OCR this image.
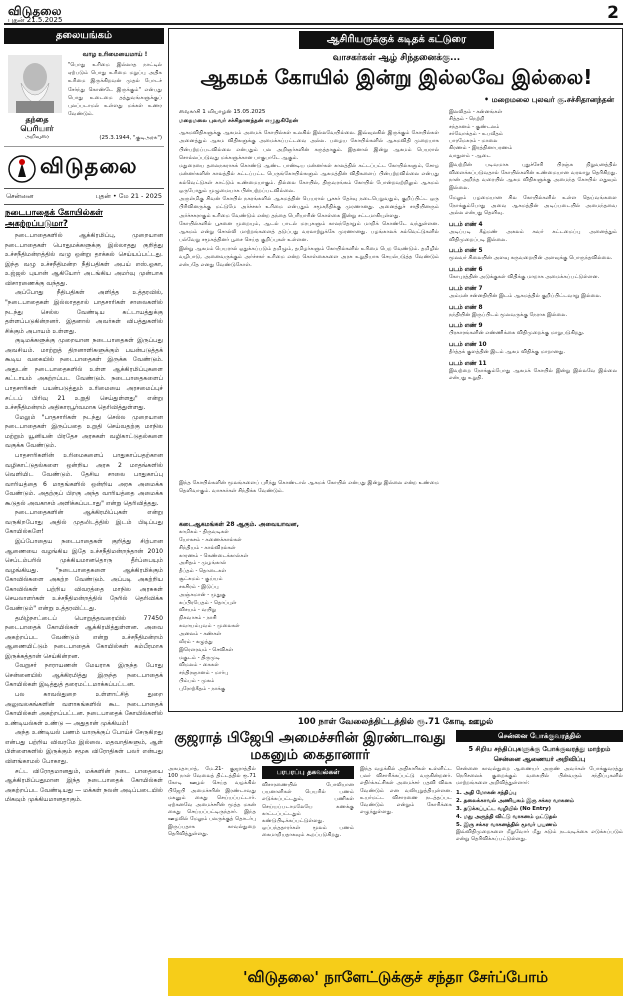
விடுதலை
புதன் 21.5.2025	2
தலையங்கம்
தந்தை
பெரியார்
அறிவுரை
வாழ உரிமையைமாய் !
"பொது உரிமை இல்லாத நாட்டில் ஏற்படும் பொது உரிமை மறுப்பு அதிக உரிமை இருக்கிறவன் முதல் போடச் சேர்ந்து கொண்டே இருக்கும்" என்பது பொது உடைமை தத்துவங்களுக்குப் புலப்படாமல் உள்ளது மக்கள் உணர வேண்டும்.
(25.3.1944, "குடிஅரசு")
விடுதலை
சென்னை	புதன் • மே 21 - 2025
நடைபாதைக் கோயில்கள் அகற்றப்படுமா?

நடைபாதைகளில் ஆக்கிரமிப்பு, முறையான நடைபாதைகள் பொதுமக்களுக்கு இல்லாதது குறித்து உச்சநீதிமன்றத்தில் வழு ஒன்று தாக்கல் செய்யப்பட்டது. இந்த வழு உச்சநீதிமன்ற நீதிபதிகள் அபய் எஸ்.ஓகா, உஜ்ஜல் புயான் ஆகியோர் அடங்கிய அமர்வு முன்பாக விசாரணைக்கு வந்தது.

அப்போது நீதிபதிகள் அளித்த உத்தரவில், "நடைபாதைகள் இல்லாததால் பாதசாரிகள் சாலைகளில் நடந்து செல்ல வேண்டிய கட்டாயத்துக்கு தள்ளப்படுகின்றனர். இதனால் அவர்கள் விபத்துகளில் சிக்கும் அபாயம் உள்ளது.

குடிமக்களுக்கு முறையான நடைபாதைகள் இருப்பது அவசியம். மாற்றுத் திறனாளிகளுக்கும் பயன்படுத்தக் கூடிய வகையில் நடைபாதைகள் இருக்க வேண்டும். அதுடன் நடைபாதைகளில் உள்ள ஆக்கிரமிப்புகளை கட்டாயம் அகற்றப்பட வேண்டும். நடைபாதைகளைப் பாதசாரிகள் பயன்படுத்தும் உரிமையை அரசமைப்புச் சட்டப் பிரிவு 21 உறுதி செய்துள்ளது" என்று உச்சநீதிமன்றம் அதிகாரபூர்வமாக தெரிவித்துள்ளது.

மேலும் "பாதசாரிகள் நடந்து செல்ல முறையான நடைபாதைகள் இருப்பதை உறுதி செய்வதற்கு மாநில மற்றும் யூனியன் பிரதேச அரசுகள் வழிகாட்டுதல்களை வகுக்க வேண்டும்.

பாதசாரிகளின் உரிமைகளைப் பாதுகாப்பதற்கான வழிகாட்டுதல்களை ஒன்றிய அரசு 2 மாதங்களில் வெளியிட வேண்டும். தேசிய சாலை பாதுகாப்பு வாரியத்தை 6 மாதங்களில் ஒன்றிய அரசு அமைக்க வேண்டும். அதற்குப் பிறகு அந்த வாரியத்தை அமைக்க கூடுதல் அவகாசம் அளிக்கப்படாது" என்று தெரிவித்தது.

நடைபாதைகளின் ஆக்கிரமிப்புகள் என்று வருகிறபோது அதில் முதலிடத்தில் இடம் பிடிப்பது கோயில்களே!

இப்போதைய நடைபாதைகள் குறித்து சிற்பான ஆணையை வழங்கிய இதே உச்சநீதிமன்றந்தான் 2010 செப்டம்பரில் முக்கியமானதொரு தீர்ப்பையும் வழங்கியது. "நடைபாதைகளை ஆக்கிரமிக்கும் கோவில்களை அகற்ற வேண்டும். அப்படி அகற்றிய கோவில்கள் பற்றிய விவரத்தை மாநில அரசுகள் செயலாளர்கள் உச்சநீதிமன்றத்தில் நேரில் தெரிவிக்க வேண்டும்" என்று உத்தரவிட்டது.

தமிழ்நாட்டைப் பொறுத்தவரையில் 77450 நடைபாதைக் கோயில்கள் ஆக்கிரமித்துள்ளன. அவை அகற்றப்பட வேண்டும் என்று உச்சநீதிமன்றம் ஆணையிட்டும் நடைபாதைக் கோயில்கள் கம்பீரமாக இருக்கத்தான் செய்கின்றன.

வேறுசர் நாராயணன் மேயராக இருந்த போது சென்னையில் ஆக்கிரமித்து இருந்த நடைபாதைக் கோயில்கள் இடித்துத் தரைமட்டமாக்கப்பட்டன.

பல காவல்துறை உள்ளாட்சித் துறை அலுவலகங்களின் வளாகங்களில் கூட நடைபாதைக் கோயில்கள் அகற்றப்பட்டன. நடைபாதைக் கோயில்களில் உண்டியல்கள் உண்டு — அதுதான் முக்கியம்!

அந்த உண்டியல் பணம் யாருக்குப் போய்ச் சேருகிறது என்பது பற்றிய விவரமே இல்லை. மதவாதிகளும், ஆள் பிள்ளைகளில் இருக்கும் சமூக விரோதிகள் பலர் என்பது விளங்காமல் போகாது.

சட்ட விரோதமானதும், மக்களின் நடை பாதையை ஆக்கிரமிப்பதுமான இந்த நடைபாதைக் கோயில்கள் அகற்றப்பட வேண்டியது — மக்கள் நலன் அடிப்படையில் மிகவும் முக்கியமானதாகும்.

ஆசிரியருக்குக் கடிதக் கட்டுரை
வாசகர்கள் ஆழ் சிந்தனைக்கு...
ஆகமக் கோயில் இன்று இல்லவே இல்லை!
• மறைமலை புலவர் கு.சச்சிதானந்தன்
வைகாசி 1 வியாழன் 15.05.2025
மறைமலை புலவர் சச்சிதானந்தன் எழுதுகிறேன்

ஆகமவிதிகளுக்கு ஆகமம் அமைக் கோயில்கள் உலகில் இல்லவேயில்லை. இவ்வுலகில் இருக்கும் கோயில்கள் அனைத்தும் ஆகம விதிகளுக்கு அமைக்கப்பட்டவை அல்ல. பழைய கோயில்களில் ஆகமவிதி முறையாக பின்பற்றப்படவில்லை என்பதும் பல அறிஞர்களின் கருத்தாகும். இதனால் இன்று ஆகமம் பெயரால் சொல்லப்படுவது மக்களுக்கான பாகுபாடே ஆகும்.

மதுரையை தலைநகராகக் கொண்டு ஆண்ட பாண்டிய மன்னர்கள் காலத்தில் கட்டப்பட்ட கோயில்களும், சோழ மன்னர்களின் காலத்தில் கட்டப்பட்ட பெருங்கோயில்களும் ஆகமத்தின் விதிகளைப் பின்பற்றவில்லை என்பது கல்வெட்டுகள் காட்டும் உண்மையாகும். தில்லை கோயில், திருவரங்கம் கோயில் போன்றவற்றிலும் ஆகமம் ஒருபோதும் முழுமையாக பின்பற்றப்படவில்லை.

அருள்மிகு சிவன் கோயில் நகரங்களில் ஆகமத்தின் பெயரால் பூசகர் தேர்வு நடைபெறுவதும், குறிப்பிட்ட ஒரு பிரிவினருக்கு மட்டுமே அர்ச்சகர் உரிமை என்பதும் சமூகநீதிக்கு முரணானது. அனைத்துச் சாதியினரும் அர்ச்சகராகும் உரிமை வேண்டும் என்ற தந்தை பெரியாரின் கொள்கை இன்று சட்டமாகியுள்ளது.

கோயில்களில் பூசனை முறையும், ஆடல் பாடல் மரபுகளும் காலந்தோறும் மாறிக் கொண்டே வந்துள்ளன. ஆகமம் என்று சொல்லி மாற்றங்களைத் தடுப்பது வரலாற்றுக்கே முரணானது. பழங்காலக் கல்வெட்டுகளில் பல்வேறு சமூகத்தினர் பூசை செய்த குறிப்புகள் உள்ளன.

இன்று ஆகமம் பெயரால் ஒதுக்கப்படும் தமிழும், தமிழர்களும் கோயில்களில் உரிமை பெற வேண்டும். தமிழில் வழிபாடு, அனைவருக்கும் அர்ச்சகர் உரிமை என்ற கொள்கைகளை அரசு உறுதியாக செயல்படுத்த வேண்டும் என்பதே எனது வேண்டுகோள்.

இந்த கோயில்களின் மூலங்களைப் புரிந்து கொண்டால் ஆகமக் கோயில் என்பது இன்று இல்லை என்ற உண்மை தெளிவாகும். வாசகர்கள் சிந்திக்க வேண்டும்.
கடைஆகமங்கள் 28 ஆகும். அவையாவன,
காமிகம் - திருவடிகள்
யோகசம் - கணைக்கால்கள்
சிந்தியம் - கால்விரல்கள்
காரணம் - கெண்டைக்கால்கள்
அசிதம் - முழங்கால்
தீப்தம் - தொடைகள்
சூட்சுமம் - குய்யம்
சகசிரம் - இடுப்பு
அஞ்சுமான் - முதுகு
சுப்பிரபேதம் - தொப்புள்
விசயம் - வயிறு
நிசுவாசம் - நாசி
சுவாயம்புவம் - முலைகள்
அனலம் - கண்கள்
வீரம் - கழுத்து
இரௌரவம் - செவிகள்
மகுடம் - திருமுடி
விமலம் - கைகள்
சந்திரஞானம் - மார்பு
பிம்பம் - முகம்
புரோற்கீதம் - நாக்கு
இலலிதம் - கன்னங்கள்
சித்தம் - நெற்றி
சந்தானம் - குண்டலம்
சர்வோக்தம் - உபவீதம்
பாரமேசுரம் - மாலை
கிரணம் - இரத்தினாபரணம்
வாதுளம் - ஆடை

இவற்றின் படிவமாக புதுச்சேரி பிரஞ்சு நிறுவனத்தில் விளைக்கப்படுவதால் கோயில்களின் உண்மையான வரலாறு தெரிகிறது. நான் அறிந்த வரையில் ஆகம விதிகளுக்கு அமைந்த கோயில் எதுவும் இல்லை.

மேலும் பழமையான சில கோயில்களில் உள்ள தெய்வங்களை நோக்கும்போது அவை ஆகமத்தின் அடிப்படையில் அமைந்தவை அல்ல என்பது தெளிவு.

படம் எண் 4
அடிப்படி கீழ்மண் அகலம் சுவர் கட்டமைப்பு அனைத்தும் விதிமுறைப்படி இல்லை.
படம் எண் 5
மூலவர் சிலையின் அளவு கருவறையின் அளவுக்கு பொருந்தவில்லை.
படம் எண் 6
கோபுரத்தின் அடுக்குகள் விதிக்கு மாறாக அமைக்கப்பட்டுள்ளன.
படம் எண் 7
அம்மன் சன்னதியின் இடம் ஆகமத்தில் குறிப்பிட்டவாறு இல்லை.
படம் எண் 8
நந்தியின் இருப்பிடம் மூலவருக்கு நேராக இல்லை.
படம் எண் 9
பிரகாரங்களின் எண்ணிக்கை விதிமுறைக்கு மாறுபடுகிறது.
படம் எண் 10
தீர்த்தக் குளத்தின் இடம் ஆகம விதிக்கு மாறானது.
படம் எண் 11
இவற்றை நோக்கும்போது ஆகமக் கோயில் இன்று இல்லவே இல்லை என்பது உறுதி.
100 நாள் வேலைத்திட்டத்தில் ரூ.71 கோடி ஊழல்
குஜராத் பிஜேபி அமைச்சரின் இரண்டாவது மகனும் கைதானார்
அகமதாபாத், மே.21- குஜராத்தில் 100 நாள் வேலைத் திட்டத்தில் ரூ.71 கோடி ஊழல் செய்த வழக்கில் பிஜேபி அமைச்சரின் இரண்டாவது மகனும் கைது செய்யப்பட்டார். ஏற்கனவே அமைச்சரின் மூத்த மகன் கைது செய்யப்பட்டிருந்தார். இந்த ஊழலில் மேலும் பலருக்குத் தொடர்பு இருப்பதாக காவல்துறை தெரிவித்துள்ளது.
பரபரப்பு தகவல்கள்
விசாரணையில் போலியான பயனாளிகள் பெயரில் பணம் எடுக்கப்பட்டதும், பணிகள் செய்யப்படாமலேயே கணக்கு காட்டப்பட்டதும் கண்டுபிடிக்கப்பட்டுள்ளது. ஒப்பந்ததாரர்கள் மூலம் பணம் கைமாறியதாகவும் கூறப்படுகிறது.
இந்த வழக்கில் அதிகாரிகள் உள்ளிட்ட பலர் விசாரிக்கப்பட்டு வருகின்றனர். எதிர்க்கட்சிகள் அமைச்சர் பதவி விலக வேண்டும் என வலியுறுத்தியுள்ளன. உயர்மட்ட விசாரணை நடத்தப்பட வேண்டும் என்றும் கோரிக்கை எழுந்துள்ளது.
சென்னை போக்குவரத்தில்
5 சிறிய சந்திப்புகளுக்கு போக்குவரத்து மாற்றம்
சென்னை ஆணையர் அறிவிப்பு
சென்னை காவல்துறை ஆணையர் அருண் அவர்கள் போக்குவரத்து நெரிசலைக் குறைக்கும் வகையில் பின்வரும் சந்திப்புகளில் மாற்றங்களை அறிவித்துள்ளார்:
1. அதி மோகன் சந்திப்பு
2. தலைக்காவல் அணியகம் இரு சக்கர வாகனம்
3. தடுக்கப்பட்ட வழியில் (No Entry)
4. மது அருந்தி விட்டு வாகனம் ஓட்டுதல்
5. இரு சக்கர வாகனத்தில் மூவர் பயணம்
இவ்விதிமுறைகளை மீறுவோர் மீது கடும் நடவடிக்கை எடுக்கப்படும் என்று தெரிவிக்கப்பட்டுள்ளது.
'விடுதலை' நாளேட்டுக்குச் சந்தா சேர்ப்போம்
